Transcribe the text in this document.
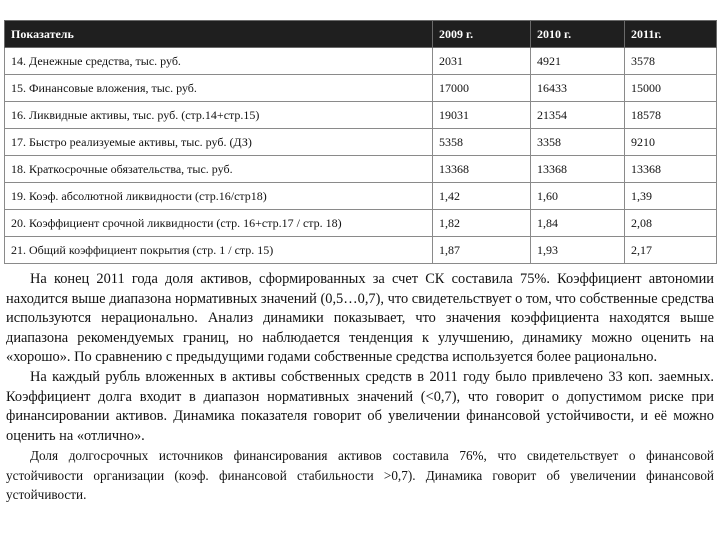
Показатель	2009 г.	2010 г.	2011г.
14. Денежные средства, тыс. руб.	2031	4921	3578
15. Финансовые вложения, тыс. руб.	17000	16433	15000
16. Ликвидные активы, тыс. руб. (стр.14+стр.15)	19031	21354	18578
17. Быстро реализуемые активы, тыс. руб. (ДЗ)	5358	3358	9210
18. Краткосрочные обязательства, тыс. руб.	13368	13368	13368
19. Коэф. абсолютной ликвидности (стр.16/стр18)	1,42	1,60	1,39
20. Коэффициент срочной ликвидности (стр. 16+стр.17 / стр. 18)	1,82	1,84	2,08
21. Общий коэффициент покрытия (стр. 1 / стр. 15)	1,87	1,93	2,17

На конец 2011 года доля активов, сформированных за счет СК составила 75%. Коэффициент автономии находится выше диапазона нормативных значений (0,5…0,7), что свидетельствует о том, что собственные средства используются нерационально. Анализ динамики показывает, что значения коэффициента находятся выше диапазона рекомендуемых границ, но наблюдается тенденция к улучшению, динамику можно оценить на «хорошо». По сравнению с предыдущими годами собственные средства используется более рационально.

На каждый рубль вложенных в активы собственных средств в 2011 году было привлечено 33 коп. заемных. Коэффициент долга входит в диапазон нормативных значений (<0,7), что говорит о допустимом риске при финансировании активов. Динамика показателя говорит об увеличении финансовой устойчивости, и её можно оценить на «отлично».

Доля долгосрочных источников финансирования активов составила 76%, что свидетельствует о финансовой устойчивости организации (коэф. финансовой стабильности >0,7). Динамика говорит об увеличении финансовой устойчивости.
